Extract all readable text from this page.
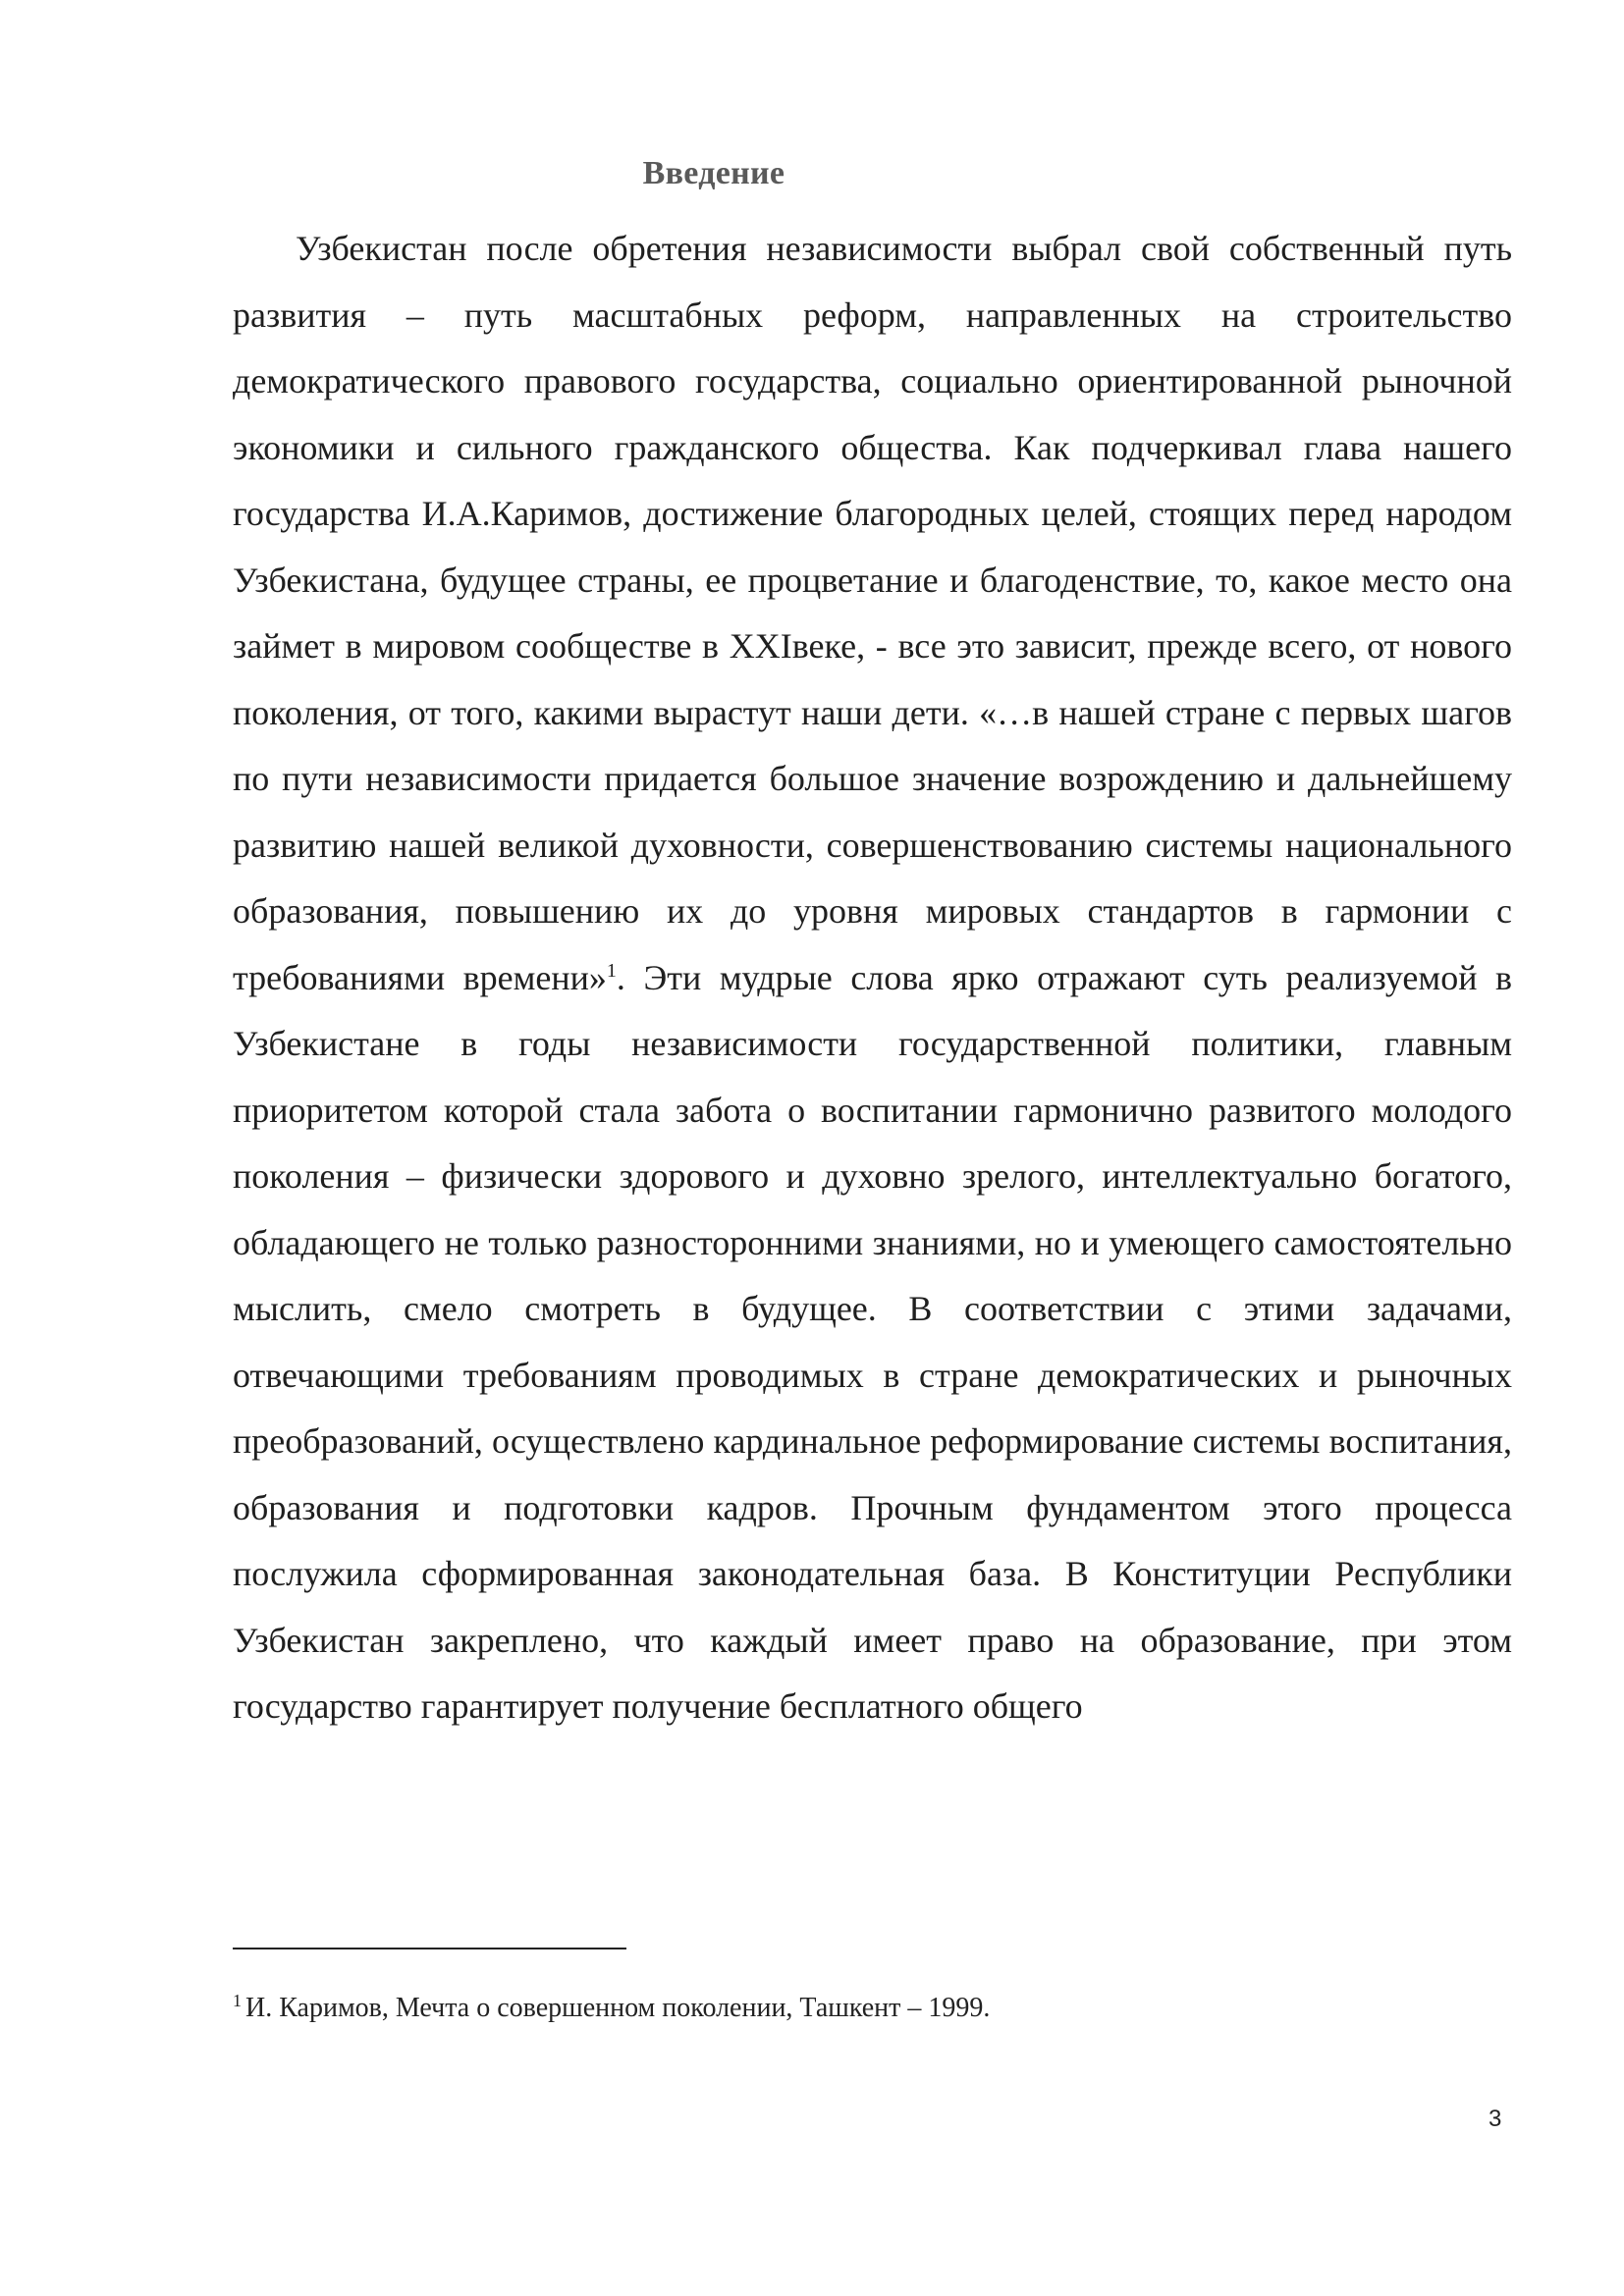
Введение

Узбекистан после обретения независимости выбрал свой собственный путь развития – путь масштабных реформ, направленных на строительство демократического правового государства, социально ориентированной рыночной экономики и сильного гражданского общества. Как подчеркивал глава нашего государства И.А.Каримов, достижение благородных целей, стоящих перед народом Узбекистана, будущее страны, ее процветание и благоденствие, то, какое место она займет в мировом сообществе в XXIвеке, - все это зависит, прежде всего, от нового поколения, от того, какими вырастут наши дети. «…в нашей стране с первых шагов по пути независимости придается большое значение возрождению и дальнейшему развитию нашей великой духовности, совершенствованию системы национального образования, повышению их до уровня мировых стандартов в гармонии с требованиями времени»$^1$. Эти мудрые слова ярко отражают суть реализуемой в Узбекистане в годы независимости государственной политики, главным приоритетом которой стала забота о воспитании гармонично развитого молодого поколения – физически здорового и духовно зрелого, интеллектуально богатого, обладающего не только разносторонними знаниями, но и умеющего самостоятельно мыслить, смело смотреть в будущее. В соответствии с этими задачами, отвечающими требованиям проводимых в стране демократических и рыночных преобразований, осуществлено кардинальное реформирование системы воспитания, образования и подготовки кадров. Прочным фундаментом этого процесса послужила сформированная законодательная база. В Конституции Республики Узбекистан закреплено, что каждый имеет право на образование, при этом государство гарантирует получение бесплатного общего

$^1$ И. Каримов, Мечта о совершенном поколении, Ташкент – 1999.
3
